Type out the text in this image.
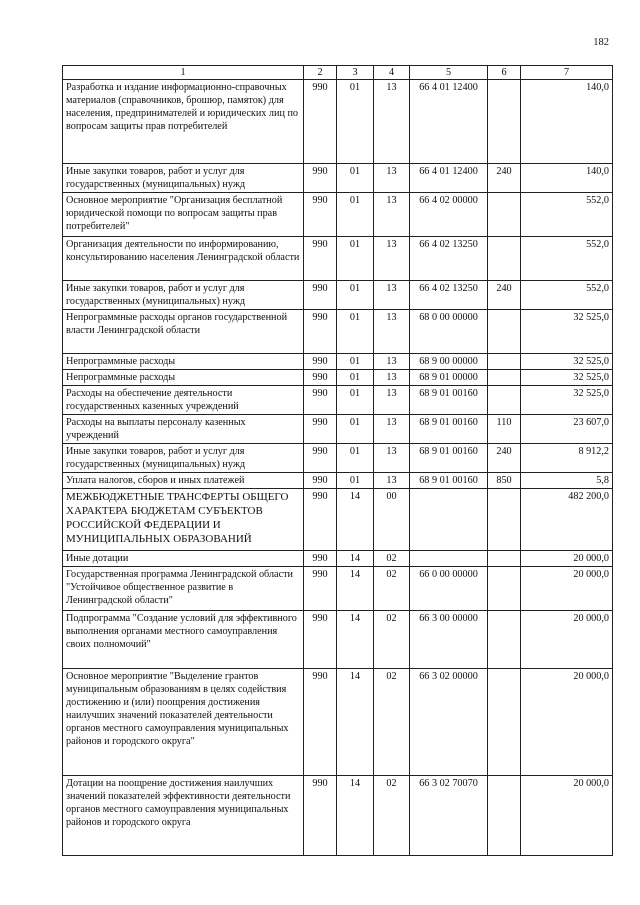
182
1	2	3	4	5	6	7
Разработка и издание информационно-справочных материалов (справочников, брошюр, памяток) для населения, предпринимателей и юридических лиц по вопросам защиты прав потребителей	990	01	13	66 4 01 12400		140,0
Иные закупки товаров, работ и услуг для государственных (муниципальных) нужд	990	01	13	66 4 01 12400	240	140,0
Основное мероприятие "Организация бесплатной юридической помощи по вопросам защиты прав потребителей"	990	01	13	66 4 02 00000		552,0
Организация деятельности по информированию, консультированию населения Ленинградской области	990	01	13	66 4 02 13250		552,0
Иные закупки товаров, работ и услуг для государственных (муниципальных) нужд	990	01	13	66 4 02 13250	240	552,0
Непрограммные расходы органов государственной власти Ленинградской области	990	01	13	68 0 00 00000		32 525,0
Непрограммные расходы	990	01	13	68 9 00 00000		32 525,0
Непрограммные расходы	990	01	13	68 9 01 00000		32 525,0
Расходы на обеспечение деятельности государственных казенных учреждений	990	01	13	68 9 01 00160		32 525,0
Расходы на выплаты персоналу казенных учреждений	990	01	13	68 9 01 00160	110	23 607,0
Иные закупки товаров, работ и услуг для государственных (муниципальных) нужд	990	01	13	68 9 01 00160	240	8 912,2
Уплата налогов, сборов и иных платежей	990	01	13	68 9 01 00160	850	5,8
МЕЖБЮДЖЕТНЫЕ ТРАНСФЕРТЫ ОБЩЕГО ХАРАКТЕРА БЮДЖЕТАМ СУБЪЕКТОВ РОССИЙСКОЙ ФЕДЕРАЦИИ И МУНИЦИПАЛЬНЫХ ОБРАЗОВАНИЙ	990	14	00			482 200,0
Иные дотации	990	14	02			20 000,0
Государственная программа Ленинградской области "Устойчивое общественное развитие в Ленинградской области"	990	14	02	66 0 00 00000		20 000,0
Подпрограмма "Создание условий для эффективного выполнения органами местного самоуправления своих полномочий"	990	14	02	66 3 00 00000		20 000,0
Основное мероприятие "Выделение грантов муниципальным образованиям в целях содействия достижению и (или) поощрения достижения наилучших значений показателей деятельности органов местного самоуправления муниципальных районов и городского округа"	990	14	02	66 3 02 00000		20 000,0
Дотации на поощрение достижения наилучших значений показателей эффективности деятельности органов местного самоуправления муниципальных районов и городского округа	990	14	02	66 3 02 70070		20 000,0
